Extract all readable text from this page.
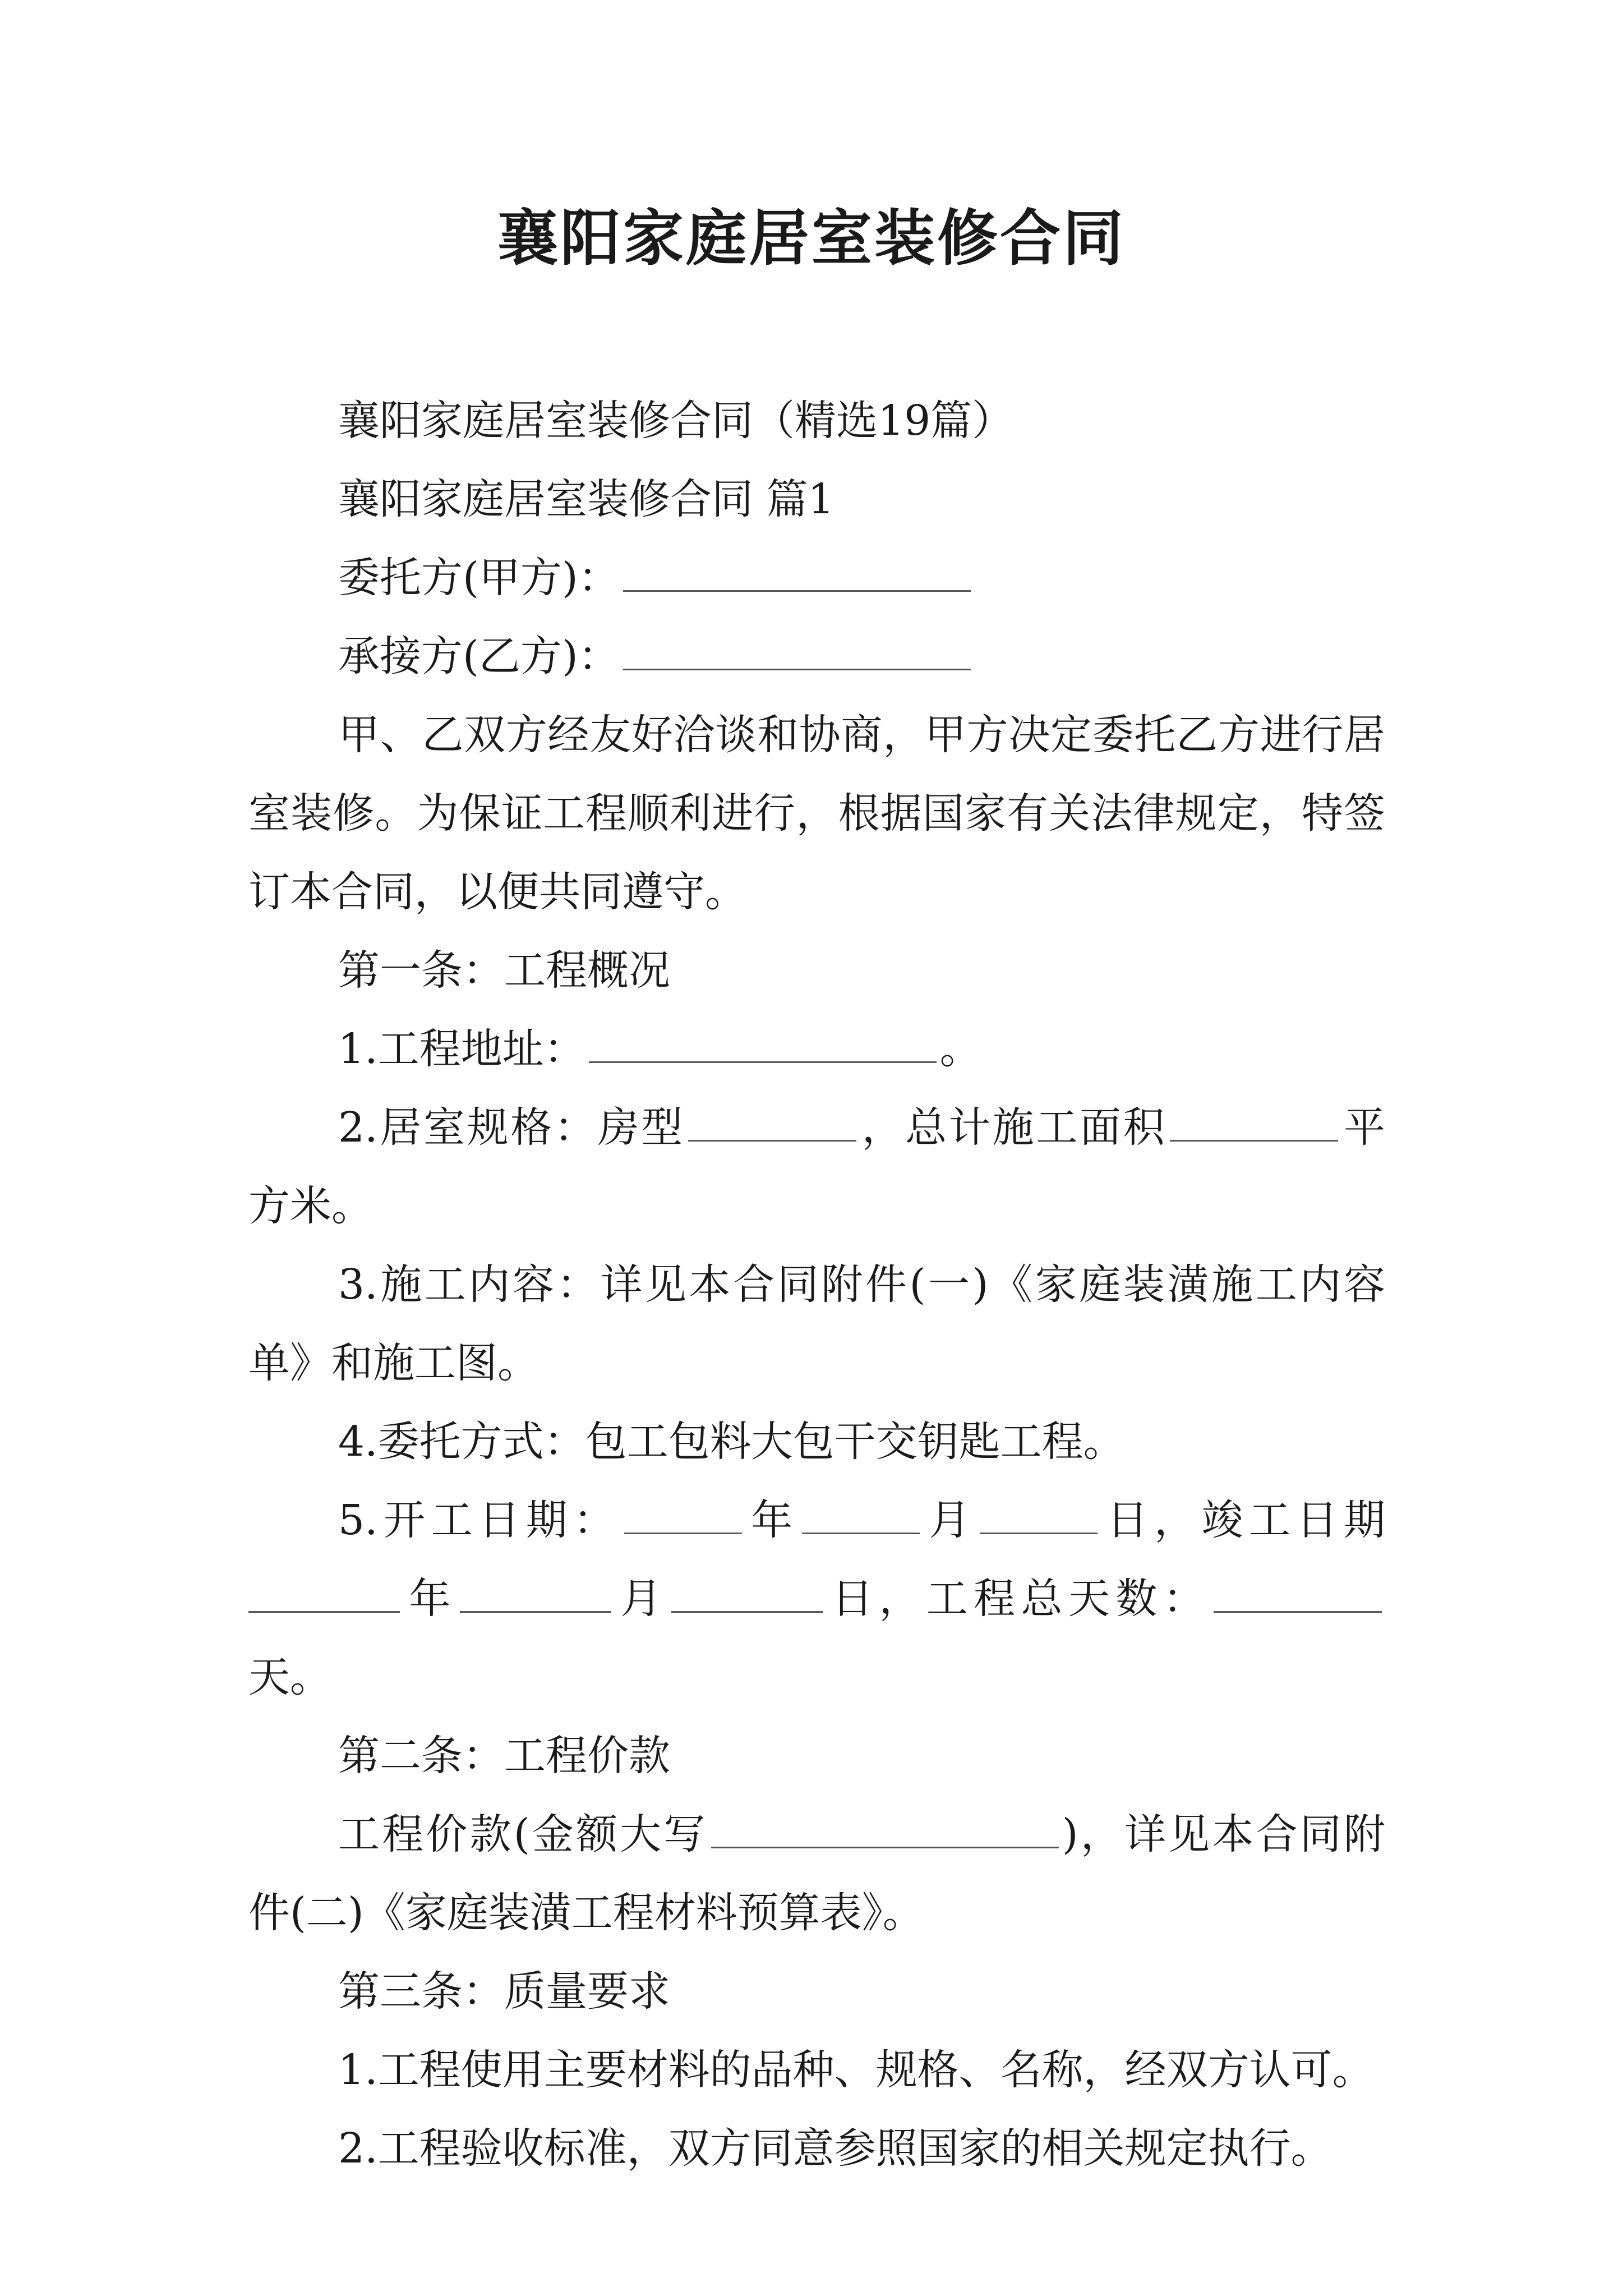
襄阳家庭居室装修合同

襄阳家庭居室装修合同（精选19篇）

襄阳家庭居室装修合同 篇1

委托方(甲方)：

承接方(乙方)：

甲、乙双方经友好洽谈和协商，甲方决定委托乙方进行居室装修。为保证工程顺利进行，根据国家有关法律规定，特签订本合同，以便共同遵守。

第一条：工程概况

1.工程地址：	。

2.居室规格：房型	，总计施工面积	平方米。

3.施工内容：详见本合同附件(一)《家庭装潢施工内容单》和施工图。

4.委托方式：包工包料大包干交钥匙工程。

5.开工日期：	年	月	日，竣工日期

年	月	日，工程总天数：天。

第二条：工程价款

工程价款(金额大写	)，详见本合同附件(二)《家庭装潢工程材料预算表》。

第三条：质量要求

1.工程使用主要材料的品种、规格、名称，经双方认可。

2.工程验收标准，双方同意参照国家的相关规定执行。
